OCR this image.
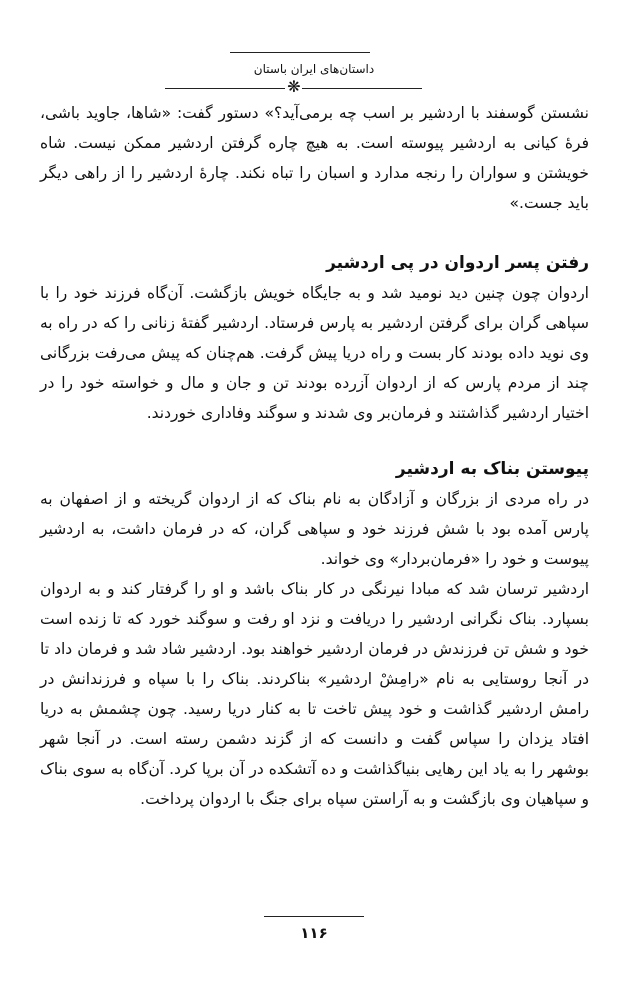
داستان‌های ایران باستان
❋

نشستن گوسفند با اردشیر بر اسب چه برمی‌آید؟» دستور گفت: «شاها، جاوید باشی، فرهٔ کیانی به اردشیر پیوسته است. به هیچ چاره گرفتن اردشیر ممکن نیست. شاه خویشتن و سواران را رنجه مدارد و اسبان را تباه نکند. چارهٔ اردشیر را از راهی دیگر باید جست.»

رفتن پسر اردوان در پی اردشیر

اردوان چون چنین دید نومید شد و به جایگاه خویش بازگشت. آن‌گاه فرزند خود را با سپاهی گران برای گرفتن اردشیر به پارس فرستاد. اردشیر گفتهٔ زنانی را که در راه به وی نوید داده بودند کار بست و راه دریا پیش گرفت. هم‌چنان که پیش می‌رفت بزرگانی چند از مردم پارس که از اردوان آزرده بودند تن و جان و مال و خواسته خود را در اختیار اردشیر گذاشتند و فرمان‌بر وی شدند و سوگند وفاداری خوردند.

پیوستن بناک به اردشیر

در راه مردی از بزرگان و آزادگان به نام بناک که از اردوان گریخته و از اصفهان به پارس آمده بود با شش فرزند خود و سپاهی گران، که در فرمان داشت، به اردشیر پیوست و خود را «فرمان‌بردار» وی خواند.

اردشیر ترسان شد که مبادا نیرنگی در کار بناک باشد و او را گرفتار کند و به اردوان بسپارد. بناک نگرانی اردشیر را دریافت و نزد او رفت و سوگند خورد که تا زنده است خود و شش تن فرزندش در فرمان اردشیر خواهند بود. اردشیر شاد شد و فرمان داد تا در آنجا روستایی به نام «رامِشْ اردشیر» بناکردند. بناک را با سپاه و فرزندانش در رامش اردشیر گذاشت و خود پیش تاخت تا به کنار دریا رسید. چون چشمش به دریا افتاد یزدان را سپاس گفت و دانست که از گزند دشمن رسته است. در آنجا شهر بوشهر را به یاد این رهایی بنیاگذاشت و ده آتشکده در آن برپا کرد. آن‌گاه به سوی بناک و سپاهیان وی بازگشت و به آراستن سپاه برای جنگ با اردوان پرداخت.

۱۱۶
